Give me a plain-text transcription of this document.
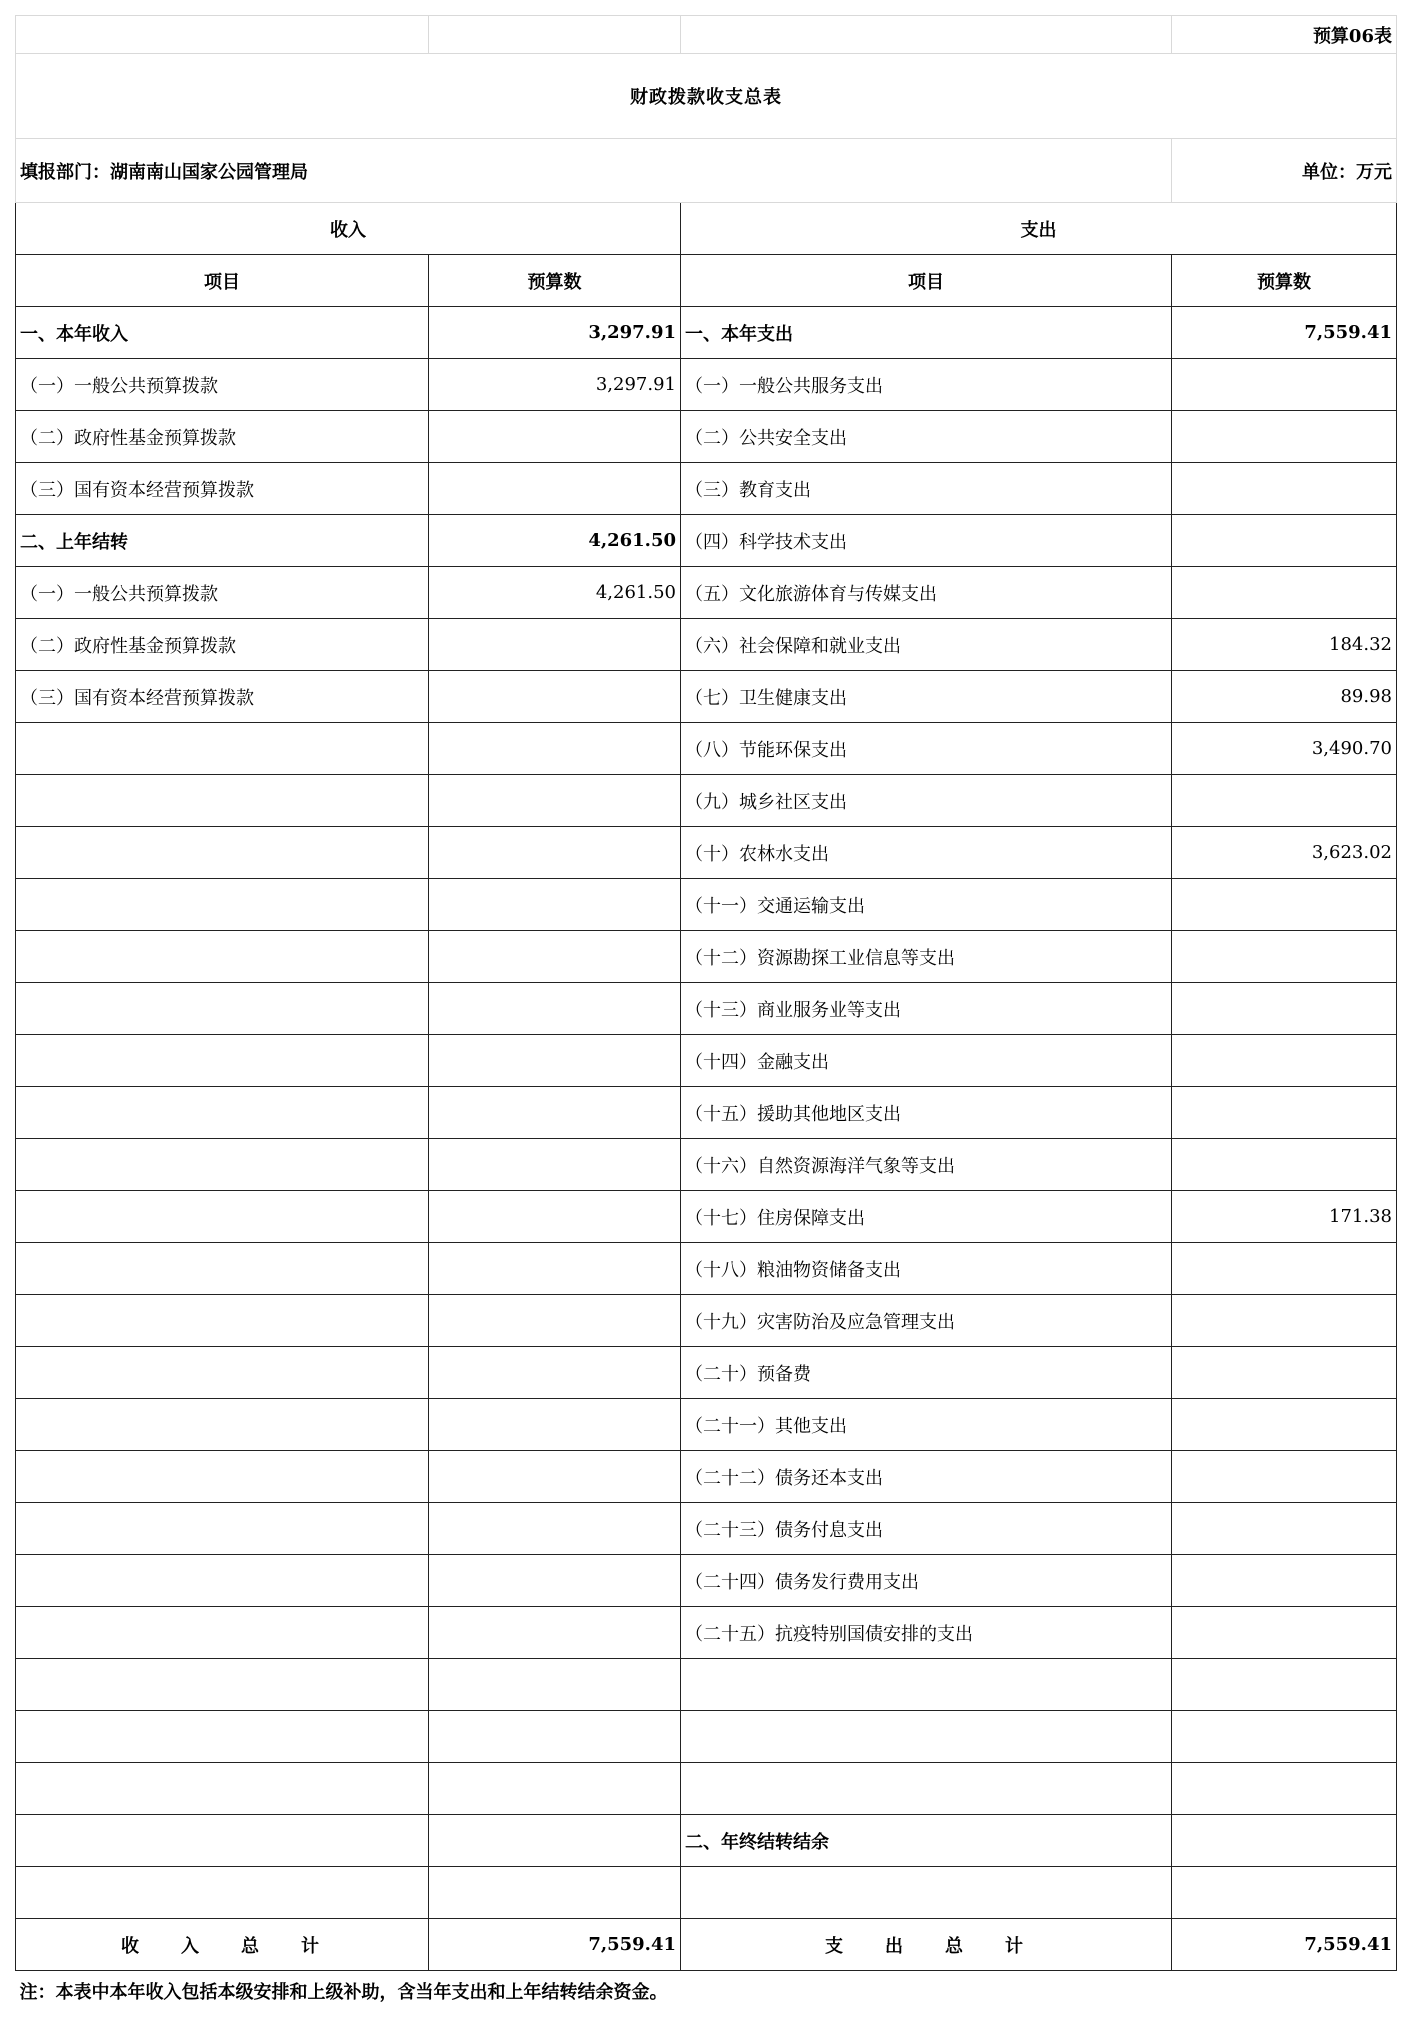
			预算06表
财政拨款收支总表			
填报部门：湖南南山国家公园管理局			单位：万元
收入		支出	
项目	预算数	项目	预算数
一、本年收入	3,297.91	一、本年支出	7,559.41
（一）一般公共预算拨款	3,297.91	（一）一般公共服务支出	
（二）政府性基金预算拨款		（二）公共安全支出	
（三）国有资本经营预算拨款		（三）教育支出	
二、上年结转	4,261.50	（四）科学技术支出	
（一）一般公共预算拨款	4,261.50	（五）文化旅游体育与传媒支出	
（二）政府性基金预算拨款		（六）社会保障和就业支出	184.32
（三）国有资本经营预算拨款		（七）卫生健康支出	89.98
		（八）节能环保支出	3,490.70
		（九）城乡社区支出	
		（十）农林水支出	3,623.02
		（十一）交通运输支出	
		（十二）资源勘探工业信息等支出	
		（十三）商业服务业等支出	
		（十四）金融支出	
		（十五）援助其他地区支出	
		（十六）自然资源海洋气象等支出	
		（十七）住房保障支出	171.38
		（十八）粮油物资储备支出	
		（十九）灾害防治及应急管理支出	
		（二十）预备费	
		（二十一）其他支出	
		（二十二）债务还本支出	
		（二十三）债务付息支出	
		（二十四）债务发行费用支出	
		（二十五）抗疫特别国债安排的支出	

		二、年终结转结余	

收入总计	7,559.41	支出总计	7,559.41
注：本表中本年收入包括本级安排和上级补助，含当年支出和上年结转结余资金。			
